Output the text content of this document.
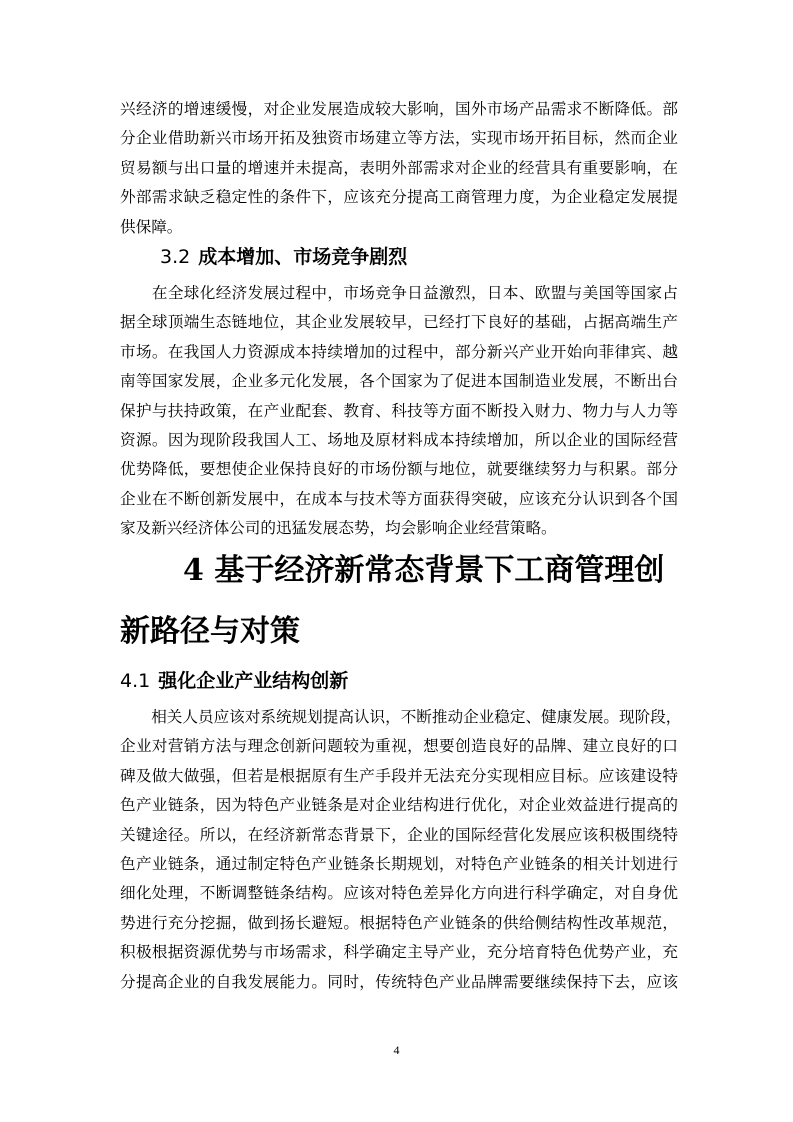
兴经济的增速缓慢，对企业发展造成较大影响，国外市场产品需求不断降低。部
分企业借助新兴市场开拓及独资市场建立等方法，实现市场开拓目标，然而企业
贸易额与出口量的增速并未提高，表明外部需求对企业的经营具有重要影响，在
外部需求缺乏稳定性的条件下，应该充分提高工商管理力度，为企业稳定发展提
供保障。
3.2 成本增加、市场竞争剧烈
　　在全球化经济发展过程中，市场竞争日益激烈，日本、欧盟与美国等国家占
据全球顶端生态链地位，其企业发展较早，已经打下良好的基础，占据高端生产
市场。在我国人力资源成本持续增加的过程中，部分新兴产业开始向菲律宾、越
南等国家发展，企业多元化发展，各个国家为了促进本国制造业发展，不断出台
保护与扶持政策，在产业配套、教育、科技等方面不断投入财力、物力与人力等
资源。因为现阶段我国人工、场地及原材料成本持续增加，所以企业的国际经营
优势降低，要想使企业保持良好的市场份额与地位，就要继续努力与积累。部分
企业在不断创新发展中，在成本与技术等方面获得突破，应该充分认识到各个国
家及新兴经济体公司的迅猛发展态势，均会影响企业经营策略。
4 基于经济新常态背景下工商管理创
新路径与对策
4.1 强化企业产业结构创新
　　相关人员应该对系统规划提高认识，不断推动企业稳定、健康发展。现阶段，
企业对营销方法与理念创新问题较为重视，想要创造良好的品牌、建立良好的口
碑及做大做强，但若是根据原有生产手段并无法充分实现相应目标。应该建设特
色产业链条，因为特色产业链条是对企业结构进行优化，对企业效益进行提高的
关键途径。所以，在经济新常态背景下，企业的国际经营化发展应该积极围绕特
色产业链条，通过制定特色产业链条长期规划，对特色产业链条的相关计划进行
细化处理，不断调整链条结构。应该对特色差异化方向进行科学确定，对自身优
势进行充分挖掘，做到扬长避短。根据特色产业链条的供给侧结构性改革规范，
积极根据资源优势与市场需求，科学确定主导产业，充分培育特色优势产业，充
分提高企业的自我发展能力。同时，传统特色产业品牌需要继续保持下去，应该
4
